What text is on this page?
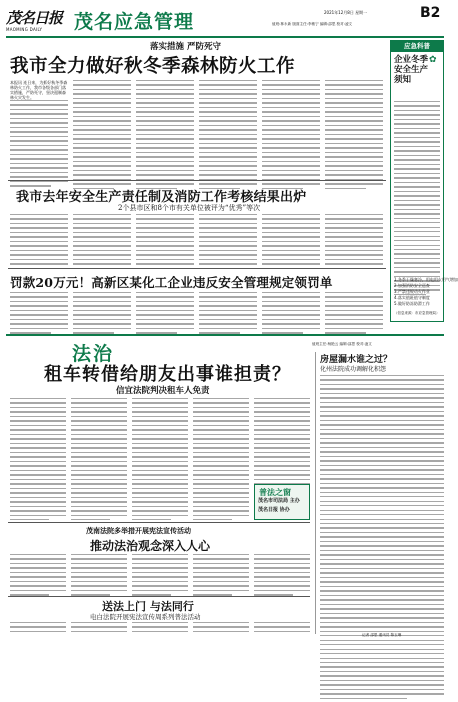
茂名日报
MAOMING DAILY	茂名应急管理	2021年12月8日 星期一
值班:林永新 版面主任:李敏宁 编辑:邵思 校对:凌文
B2
落实措施 严防死守
我市全力做好秋冬季森林防火工作
本报讯 连日来，为抓好秋冬季森林防火工作，我市各级各部门落实措施，严防死守，坚决遏制森林火灾发生。
应急科普
企业冬季安全生产须知
✿
1.冬季干燥寒冷，用电用火用气增加
2.加强消防安全巡查
3.严禁违规动火作业
4.落实值班值守制度
5.做好防冻防滑工作
（信息来源：市应急管理局）
我市去年安全生产责任制及消防工作考核结果出炉
2个县市区和8个市有关单位被评为“优秀”等次
罚款20万元！高新区某化工企业违反安全管理规定领罚单
法治	值班主任:杨艳云 编辑:邵思 校对:凌文
租车转借给朋友出事谁担责？
信宜法院判决租车人免责
普法之窗
茂名市司法局 主办
茂名日报 协办
房屋漏水谁之过？
化州法院成功调解化积怨
茂南法院多举措开展宪法宣传活动
推动法治观念深入人心
送法上门 与法同行
电白法院开展宪法宣传周系列普法活动
记者 邵思 通讯员 陈玉琳
